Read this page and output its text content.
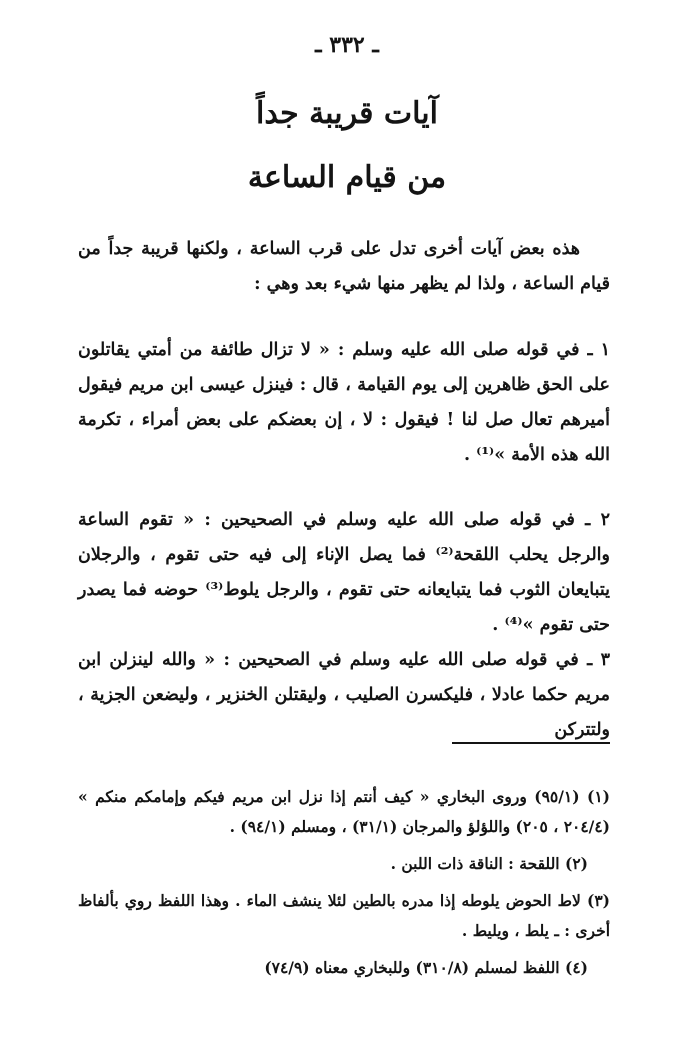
ـ ٣٣٢ ـ
آيات قريبة جداً
من قيام الساعة
هذه بعض آيات أخرى تدل على قرب الساعة ، ولكنها قريبة جداً من قيام الساعة ، ولذا لم يظهر منها شيء بعد وهي :
١ ـ في قوله صلى الله عليه وسلم : « لا تزال طائفة من أمتي يقاتلون على الحق ظاهرين إلى يوم القيامة ، قال : فينزل عيسى ابن مريم فيقول أميرهم تعال صل لنا ! فيقول : لا ، إن بعضكم على بعض أمراء ، تكرمة الله هذه الأمة »⁽¹⁾ .
٢ ـ في قوله صلى الله عليه وسلم في الصحيحين : « تقوم الساعة والرجل يحلب اللقحة⁽²⁾ فما يصل الإناء إلى فيه حتى تقوم ، والرجلان يتبايعان الثوب فما يتبايعانه حتى تقوم ، والرجل يلوط⁽³⁾ حوضه فما يصدر حتى تقوم »⁽⁴⁾ .
٣ ـ في قوله صلى الله عليه وسلم في الصحيحين : « والله لينزلن ابن مريم حكما عادلا ، فليكسرن الصليب ، وليقتلن الخنزير ، وليضعن الجزية ، ولتتركن

(١) (٩٥/١) وروى البخاري « كيف أنتم إذا نزل ابن مريم فيكم وإمامكم منكم » (٢٠٤/٤ ، ٢٠٥) واللؤلؤ والمرجان (٣١/١) ، ومسلم (٩٤/١) .

(٢) اللقحة : الناقة ذات اللبن .

(٣) لاط الحوض يلوطه إذا مدره بالطين لئلا ينشف الماء . وهذا اللفظ روي بألفاظ أخرى : ـ يلط ، ويليط .

(٤) اللفظ لمسلم (٣١٠/٨) وللبخاري معناه (٧٤/٩)
